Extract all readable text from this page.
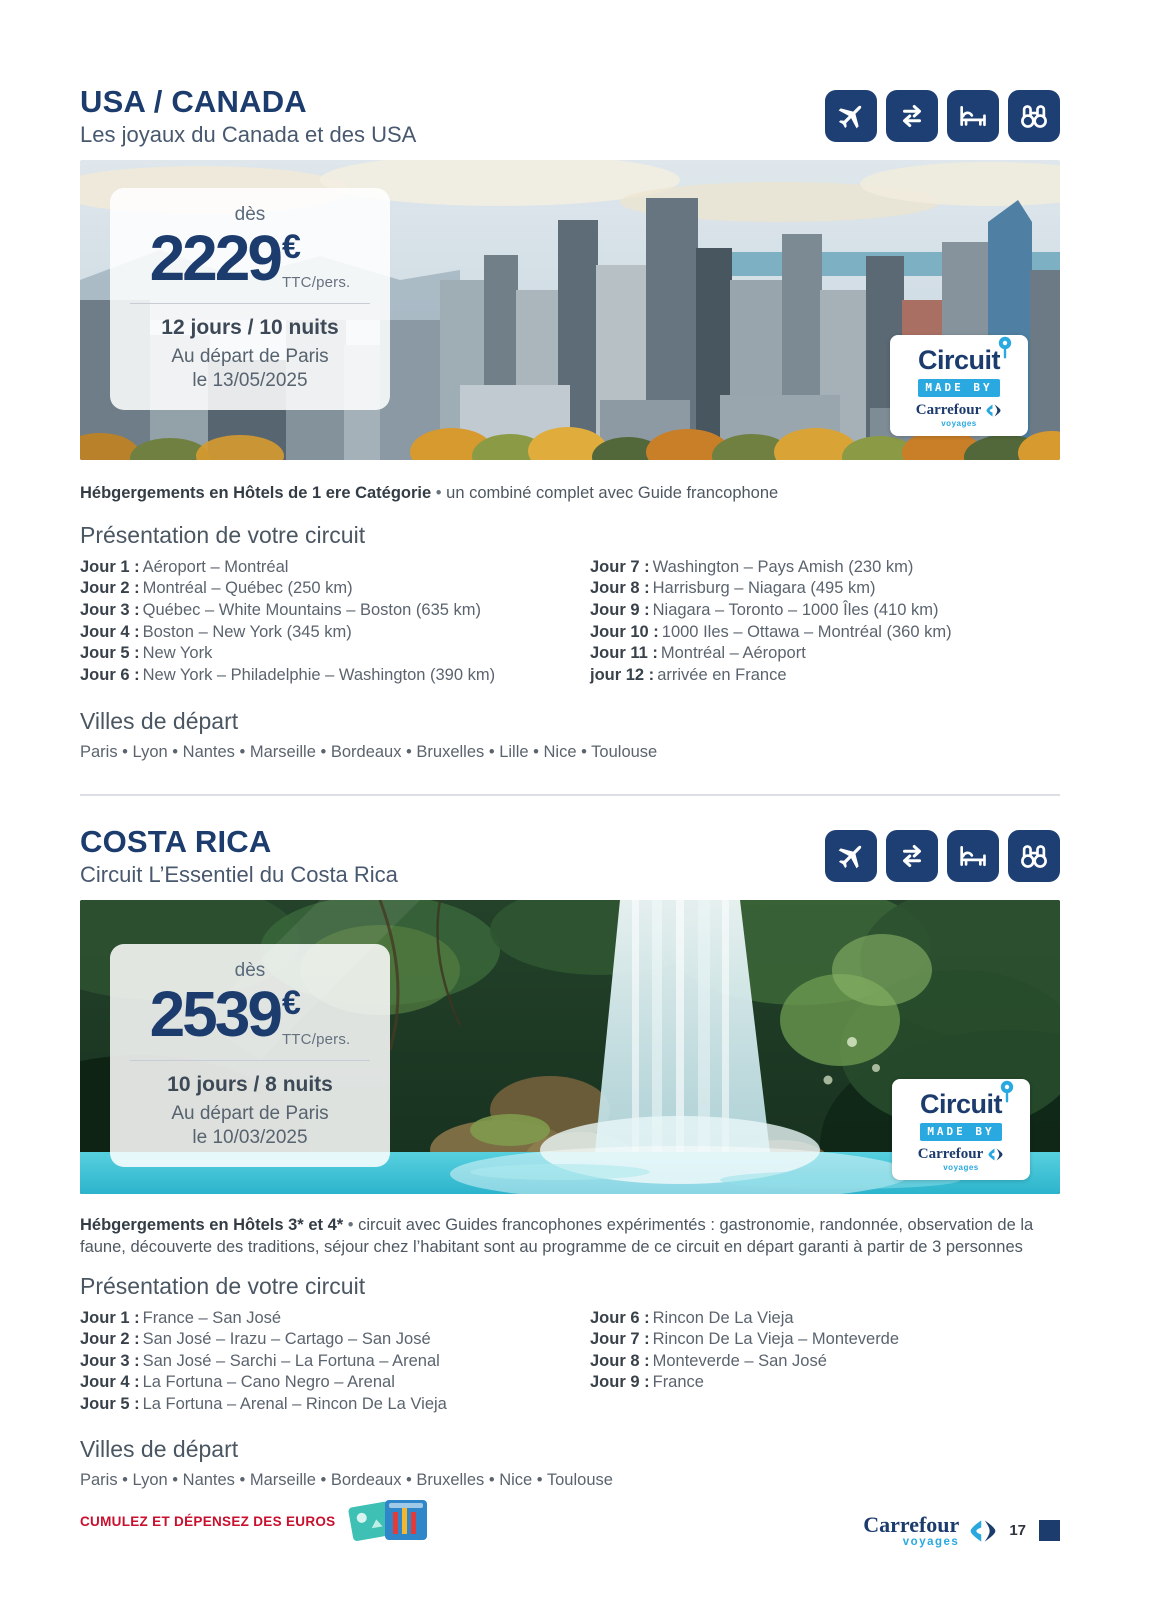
USA / CANADA
Les joyaux du Canada et des USA
dès
2229 €
TTC/pers.
12 jours / 10 nuits
Au départ de Paris
le 13/05/2025
Circuit

MADE BY
Carrefour
voyages

Hébgergements en Hôtels de 1 ere Catégorie • un combiné complet avec Guide francophone

Présentation de votre circuit
Jour 1 : Aéroport – Montréal
Jour 2 : Montréal – Québec (250 km)
Jour 3 : Québec – White Mountains – Boston (635 km)
Jour 4 : Boston – New York (345 km)
Jour 5 : New York
Jour 6 : New York – Philadelphie – Washington (390 km)
Jour 7 : Washington – Pays Amish (230 km)
Jour 8 : Harrisburg – Niagara (495 km)
Jour 9 : Niagara – Toronto – 1000 Îles (410 km)
Jour 10 : 1000 Iles – Ottawa – Montréal (360 km)
Jour 11 : Montréal – Aéroport
jour 12 : arrivée en France
Villes de départ

Paris • Lyon • Nantes • Marseille • Bordeaux • Bruxelles • Lille • Nice • Toulouse

COSTA RICA
Circuit L’Essentiel du Costa Rica
dès
2539 €
TTC/pers.
10 jours / 8 nuits
Au départ de Paris
le 10/03/2025
Circuit

MADE BY
Carrefour
voyages

Hébgergements en Hôtels 3* et 4* • circuit avec Guides francophones expérimentés : gastronomie, randonnée, observation de la faune, découverte des traditions, séjour chez l’habitant sont au programme de ce circuit en départ garanti à partir de 3 personnes

Présentation de votre circuit
Jour 1 : France – San José
Jour 2 : San José – Irazu – Cartago – San José
Jour 3 : San José – Sarchi – La Fortuna – Arenal
Jour 4 : La Fortuna – Cano Negro – Arenal
Jour 5 : La Fortuna – Arenal – Rincon De La Vieja
Jour 6 : Rincon De La Vieja
Jour 7 : Rincon De La Vieja – Monteverde
Jour 8 : Monteverde – San José
Jour 9 : France
Villes de départ

Paris • Lyon • Nantes • Marseille • Bordeaux • Bruxelles • Nice • Toulouse

CUMULEZ ET DÉPENSEZ DES EUROS	Carrefour
voyages
17
